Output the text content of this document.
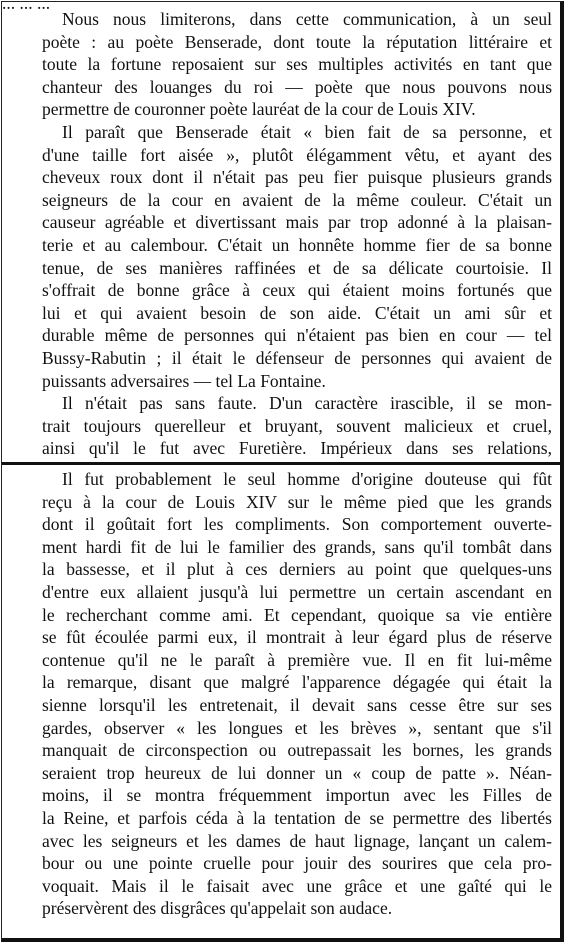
... ... ...
Nous nous limiterons, dans cette communication, à un seul
poète : au poète Benserade, dont toute la réputation littéraire et
toute la fortune reposaient sur ses multiples activités en tant que
chanteur des louanges du roi — poète que nous pouvons nous
permettre de couronner poète lauréat de la cour de Louis XIV.
Il paraît que Benserade était « bien fait de sa personne, et
d'une taille fort aisée », plutôt élégamment vêtu, et ayant des
cheveux roux dont il n'était pas peu fier puisque plusieurs grands
seigneurs de la cour en avaient de la même couleur. C'était un
causeur agréable et divertissant mais par trop adonné à la plaisan-
terie et au calembour. C'était un honnête homme fier de sa bonne
tenue, de ses manières raffinées et de sa délicate courtoisie. Il
s'offrait de bonne grâce à ceux qui étaient moins fortunés que
lui et qui avaient besoin de son aide. C'était un ami sûr et
durable même de personnes qui n'étaient pas bien en cour — tel
Bussy-Rabutin ; il était le défenseur de personnes qui avaient de
puissants adversaires — tel La Fontaine.
Il n'était pas sans faute. D'un caractère irascible, il se mon-
trait toujours querelleur et bruyant, souvent malicieux et cruel,
ainsi qu'il le fut avec Furetière. Impérieux dans ses relations,
Il fut probablement le seul homme d'origine douteuse qui fût
reçu à la cour de Louis XIV sur le même pied que les grands
dont il goûtait fort les compliments. Son comportement ouverte-
ment hardi fit de lui le familier des grands, sans qu'il tombât dans
la bassesse, et il plut à ces derniers au point que quelques-uns
d'entre eux allaient jusqu'à lui permettre un certain ascendant en
le recherchant comme ami. Et cependant, quoique sa vie entière
se fût écoulée parmi eux, il montrait à leur égard plus de réserve
contenue qu'il ne le paraît à première vue. Il en fit lui-même
la remarque, disant que malgré l'apparence dégagée qui était la
sienne lorsqu'il les entretenait, il devait sans cesse être sur ses
gardes, observer « les longues et les brèves », sentant que s'il
manquait de circonspection ou outrepassait les bornes, les grands
seraient trop heureux de lui donner un « coup de patte ». Néan-
moins, il se montra fréquemment importun avec les Filles de
la Reine, et parfois céda à la tentation de se permettre des libertés
avec les seigneurs et les dames de haut lignage, lançant un calem-
bour ou une pointe cruelle pour jouir des sourires que cela pro-
voquait. Mais il le faisait avec une grâce et une gaîté qui le
préservèrent des disgrâces qu'appelait son audace.
